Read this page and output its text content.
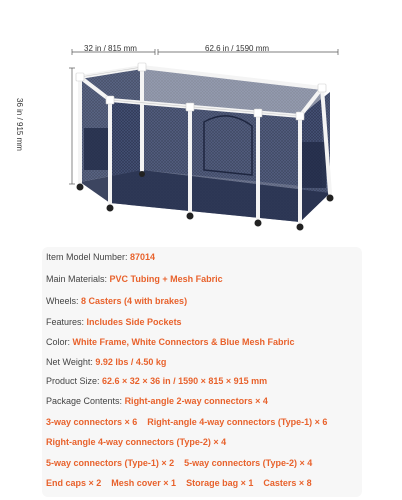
32 in / 815 mm	62.6 in / 1590 mm
36 in / 915 mm
Item Model Number: 87014
Main Materials: PVC Tubing + Mesh Fabric
Wheels: 8 Casters (4 with brakes)
Features: Includes Side Pockets
Color: White Frame, White Connectors & Blue Mesh Fabric
Net Weight: 9.92 lbs / 4.50 kg
Product Size: 62.6 × 32 × 36 in / 1590 × 815 × 915 mm
Package Contents: Right-angle 2-way connectors × 4
3-way connectors × 6 Right-angle 4-way connectors (Type-1) × 6
Right-angle 4-way connectors (Type-2) × 4
5-way connectors (Type-1) × 2 5-way connectors (Type-2) × 4
End caps × 2 Mesh cover × 1 Storage bag × 1 Casters × 8
